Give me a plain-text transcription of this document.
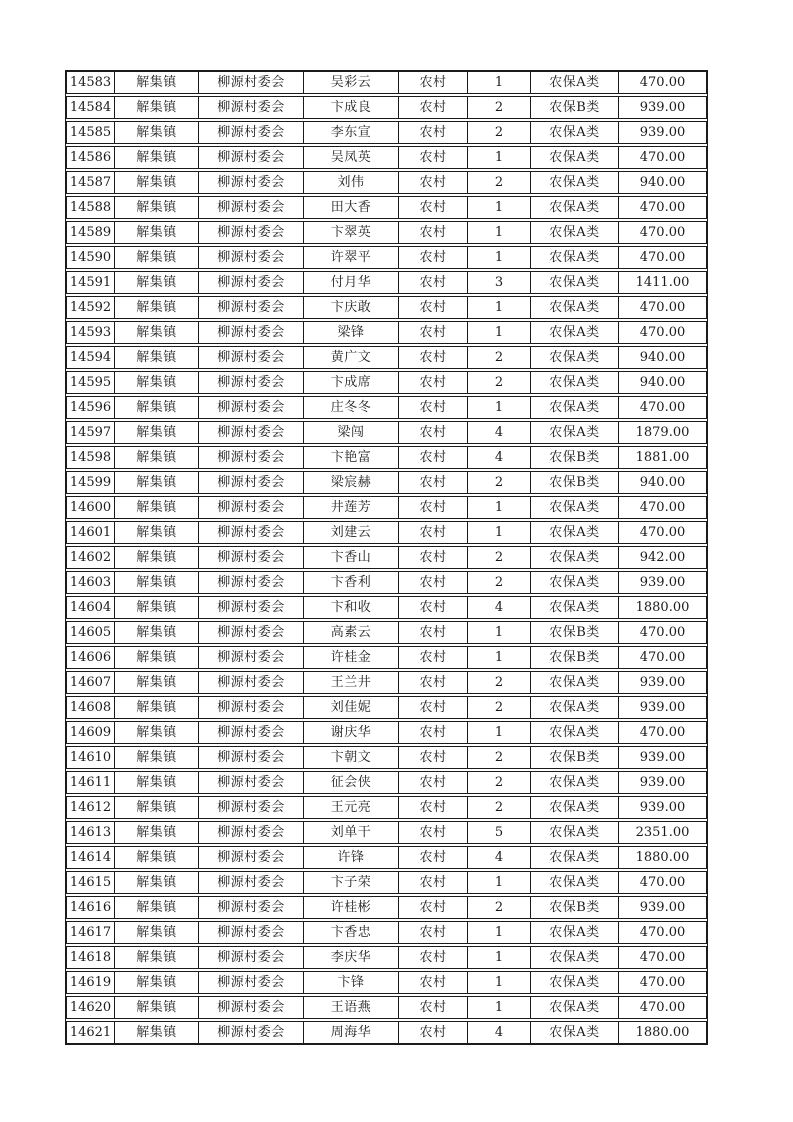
14583	解集镇	柳源村委会	吴彩云	农村	1	农保A类	470.00
14584	解集镇	柳源村委会	卞成良	农村	2	农保B类	939.00
14585	解集镇	柳源村委会	李东宣	农村	2	农保A类	939.00
14586	解集镇	柳源村委会	吴凤英	农村	1	农保A类	470.00
14587	解集镇	柳源村委会	刘伟	农村	2	农保A类	940.00
14588	解集镇	柳源村委会	田大香	农村	1	农保A类	470.00
14589	解集镇	柳源村委会	卞翠英	农村	1	农保A类	470.00
14590	解集镇	柳源村委会	许翠平	农村	1	农保A类	470.00
14591	解集镇	柳源村委会	付月华	农村	3	农保A类	1411.00
14592	解集镇	柳源村委会	卞庆敢	农村	1	农保A类	470.00
14593	解集镇	柳源村委会	梁锋	农村	1	农保A类	470.00
14594	解集镇	柳源村委会	黄广文	农村	2	农保A类	940.00
14595	解集镇	柳源村委会	卞成席	农村	2	农保A类	940.00
14596	解集镇	柳源村委会	庄冬冬	农村	1	农保A类	470.00
14597	解集镇	柳源村委会	梁闯	农村	4	农保A类	1879.00
14598	解集镇	柳源村委会	卞艳富	农村	4	农保B类	1881.00
14599	解集镇	柳源村委会	梁宸赫	农村	2	农保B类	940.00
14600	解集镇	柳源村委会	井莲芳	农村	1	农保A类	470.00
14601	解集镇	柳源村委会	刘建云	农村	1	农保A类	470.00
14602	解集镇	柳源村委会	卞香山	农村	2	农保A类	942.00
14603	解集镇	柳源村委会	卞香利	农村	2	农保A类	939.00
14604	解集镇	柳源村委会	卞和收	农村	4	农保A类	1880.00
14605	解集镇	柳源村委会	高素云	农村	1	农保B类	470.00
14606	解集镇	柳源村委会	许桂金	农村	1	农保B类	470.00
14607	解集镇	柳源村委会	王兰井	农村	2	农保A类	939.00
14608	解集镇	柳源村委会	刘佳妮	农村	2	农保A类	939.00
14609	解集镇	柳源村委会	谢庆华	农村	1	农保A类	470.00
14610	解集镇	柳源村委会	卞朝文	农村	2	农保B类	939.00
14611	解集镇	柳源村委会	征会侠	农村	2	农保A类	939.00
14612	解集镇	柳源村委会	王元亮	农村	2	农保A类	939.00
14613	解集镇	柳源村委会	刘单干	农村	5	农保A类	2351.00
14614	解集镇	柳源村委会	许锋	农村	4	农保A类	1880.00
14615	解集镇	柳源村委会	卞子荣	农村	1	农保A类	470.00
14616	解集镇	柳源村委会	许桂彬	农村	2	农保B类	939.00
14617	解集镇	柳源村委会	卞香忠	农村	1	农保A类	470.00
14618	解集镇	柳源村委会	李庆华	农村	1	农保A类	470.00
14619	解集镇	柳源村委会	卞锋	农村	1	农保A类	470.00
14620	解集镇	柳源村委会	王语燕	农村	1	农保A类	470.00
14621	解集镇	柳源村委会	周海华	农村	4	农保A类	1880.00
